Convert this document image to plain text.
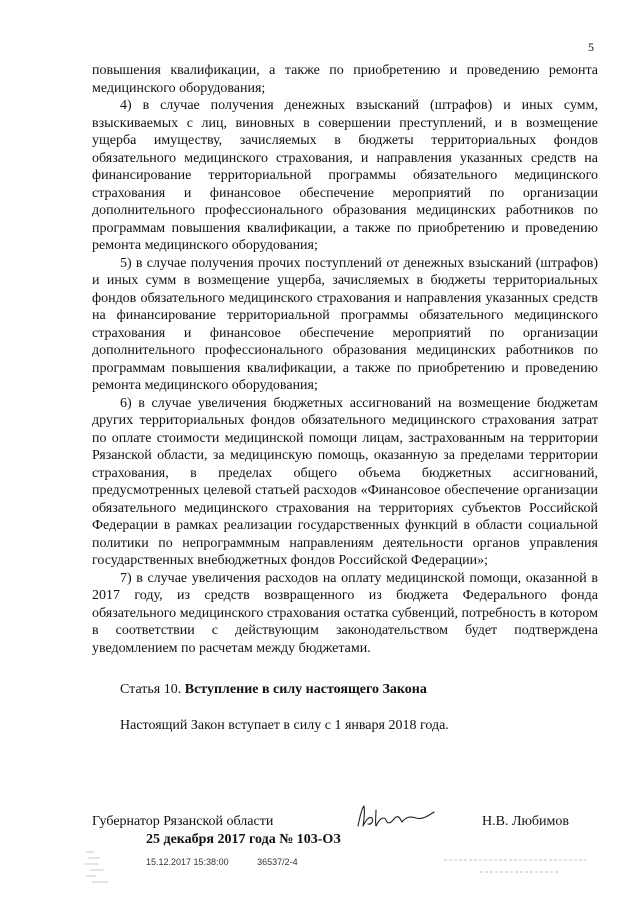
5

повышения квалификации, а также по приобретению и проведению ремонта медицинского оборудования;

4) в случае получения денежных взысканий (штрафов) и иных сумм, взыскиваемых с лиц, виновных в совершении преступлений, и в возмещение ущерба имуществу, зачисляемых в бюджеты территориальных фондов обязательного медицинского страхования, и направления указанных средств на финансирование территориальной программы обязательного медицинского страхования и финансовое обеспечение мероприятий по организации дополнительного профессионального образования медицинских работников по программам повышения квалификации, а также по приобретению и проведению ремонта медицинского оборудования;

5) в случае получения прочих поступлений от денежных взысканий (штрафов) и иных сумм в возмещение ущерба, зачисляемых в бюджеты территориальных фондов обязательного медицинского страхования и направления указанных средств на финансирование территориальной программы обязательного медицинского страхования и финансовое обеспечение мероприятий по организации дополнительного профессионального образования медицинских работников по программам повышения квалификации, а также по приобретению и проведению ремонта медицинского оборудования;

6) в случае увеличения бюджетных ассигнований на возмещение бюджетам других территориальных фондов обязательного медицинского страхования затрат по оплате стоимости медицинской помощи лицам, застрахованным на территории Рязанской области, за медицинскую помощь, оказанную за пределами территории страхования, в пределах общего объема бюджетных ассигнований, предусмотренных целевой статьей расходов «Финансовое обеспечение организации обязательного медицинского страхования на территориях субъектов Российской Федерации в рамках реализации государственных функций в области социальной политики по непрограммным направлениям деятельности органов управления государственных внебюджетных фондов Российской Федерации»;

7) в случае увеличения расходов на оплату медицинской помощи, оказанной в 2017 году, из средств возвращенного из бюджета Федерального фонда обязательного медицинского страхования остатка субвенций, потребность в котором в соответствии с действующим законодательством будет подтверждена уведомлением по расчетам между бюджетами.

Статья 10. Вступление в силу настоящего Закона

Настоящий Закон вступает в силу с 1 января 2018 года.

Губернатор Рязанской области	Н.В. Любимов
25 декабря 2017 года № 103-ОЗ
15.12.2017 15:38:00	36537/2-4
